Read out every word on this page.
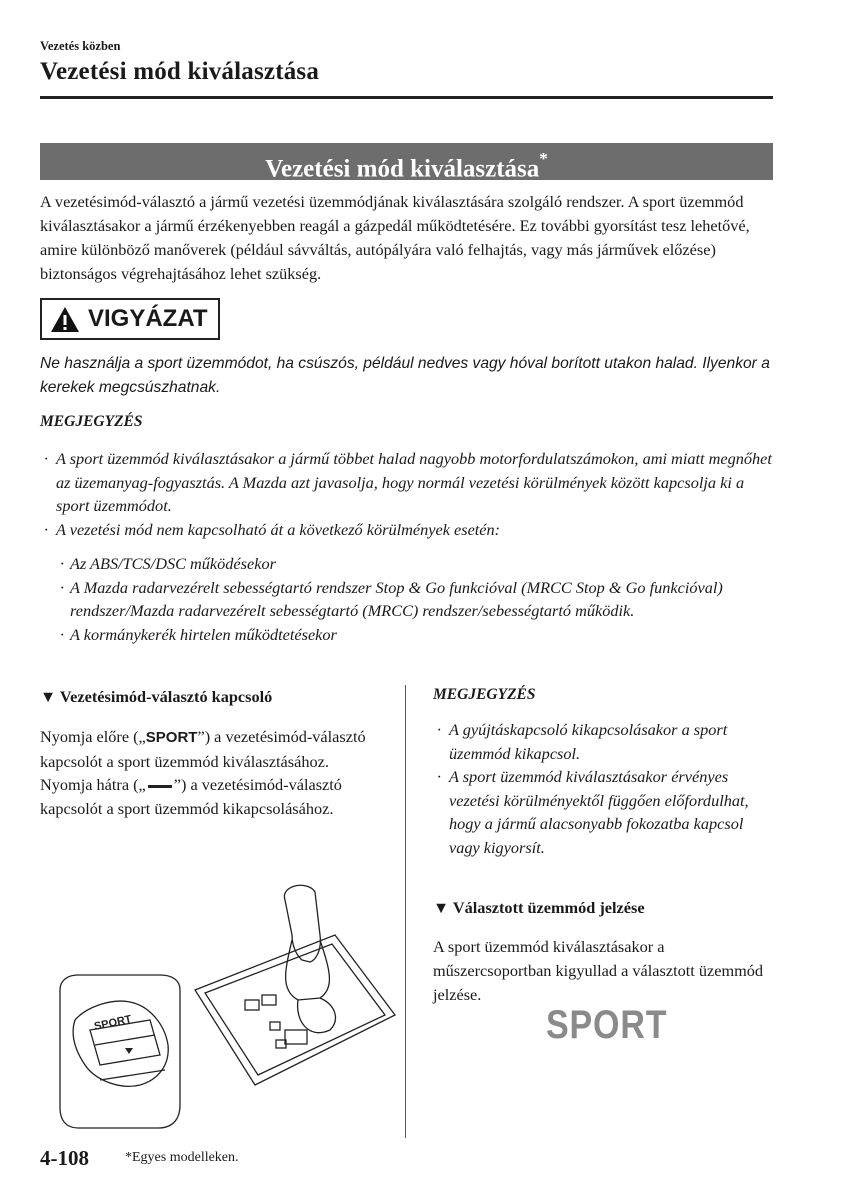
Vezetés közben
Vezetési mód kiválasztása
Vezetési mód kiválasztása*
A vezetésimód-választó a jármű vezetési üzemmódjának kiválasztására szolgáló rendszer. A sport üzemmód kiválasztásakor a jármű érzékenyebben reagál a gázpedál működtetésére. Ez további gyorsítást tesz lehetővé, amire különböző manőverek (például sávváltás, autópályára való felhajtás, vagy más járművek előzése) biztonságos végrehajtásához lehet szükség.
VIGYÁZAT
Ne használja a sport üzemmódot, ha csúszós, például nedves vagy hóval borított utakon halad. Ilyenkor a kerekek megcsúszhatnak.
MEGJEGYZÉS
· A sport üzemmód kiválasztásakor a jármű többet halad nagyobb motorfordulatszámokon, ami miatt megnőhet az üzemanyag-fogyasztás. A Mazda azt javasolja, hogy normál vezetési körülmények között kapcsolja ki a sport üzemmódot.
· A vezetési mód nem kapcsolható át a következő körülmények esetén:
· Az ABS/TCS/DSC működésekor
· A Mazda radarvezérelt sebességtartó rendszer Stop & Go funkcióval (MRCC Stop & Go funkcióval) rendszer/Mazda radarvezérelt sebességtartó (MRCC) rendszer/sebességtartó működik.
· A kormánykerék hirtelen működtetésekor
▼ Vezetésimód-választó kapcsoló
Nyomja előre („SPORT”) a vezetésimód-választó kapcsolót a sport üzemmód kiválasztásához.
Nyomja hátra („ ”) a vezetésimód-választó kapcsolót a sport üzemmód kikapcsolásához.
SPORT
MEGJEGYZÉS
· A gyújtáskapcsoló kikapcsolásakor a sport üzemmód kikapcsol.
· A sport üzemmód kiválasztásakor érvényes vezetési körülményektől függően előfordulhat, hogy a jármű alacsonyabb fokozatba kapcsol vagy kigyorsít.
▼ Választott üzemmód jelzése
A sport üzemmód kiválasztásakor a műszercsoportban kigyullad a választott üzemmód jelzése.
SPORT
4-108	*Egyes modelleken.
